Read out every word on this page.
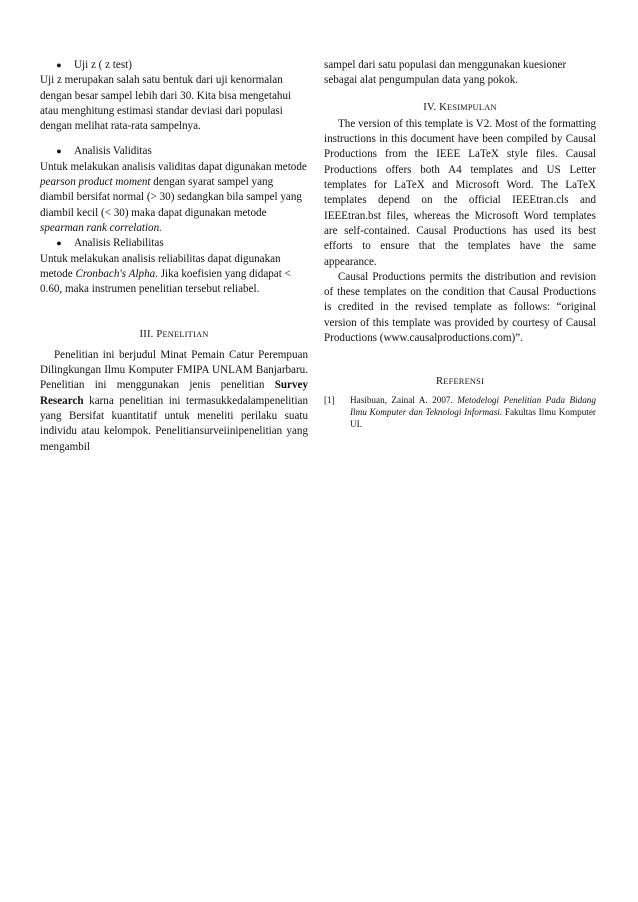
● Uji z ( z test)

Uji z merupakan salah satu bentuk dari uji kenormalan dengan besar sampel lebih dari 30. Kita bisa mengetahui atau menghitung estimasi standar deviasi dari populasi dengan melihat rata-rata sampelnya.

● Analisis Validitas

Untuk melakukan analisis validitas dapat digunakan metode pearson product moment dengan syarat sampel yang diambil bersifat normal (> 30) sedangkan bila sampel yang diambil kecil (< 30) maka dapat digunakan metode spearman rank correlation.

● Analisis Reliabilitas

Untuk melakukan analisis reliabilitas dapat digunakan metode Cronbach's Alpha. Jika koefisien yang didapat < 0.60, maka instrumen penelitian tersebut reliabel.

III. PENELITIAN

Penelitian ini berjudul Minat Pemain Catur Perempuan Dilingkungan Ilmu Komputer FMIPA UNLAM Banjarbaru. Penelitian ini menggunakan jenis penelitian Survey Research karna penelitian ini termasukkedalampenelitian yang Bersifat kuantitatif untuk meneliti perilaku suatu individu atau kelompok. Penelitiansurveiinipenelitian yang mengambil

sampel dari satu populasi dan menggunakan kuesioner sebagai alat pengumpulan data yang pokok.

IV. KESIMPULAN

The version of this template is V2. Most of the formatting instructions in this document have been compiled by Causal Productions from the IEEE LaTeX style files. Causal Productions offers both A4 templates and US Letter templates for LaTeX and Microsoft Word. The LaTeX templates depend on the official IEEEtran.cls and IEEEtran.bst files, whereas the Microsoft Word templates are self-contained. Causal Productions has used its best efforts to ensure that the templates have the same appearance.

Causal Productions permits the distribution and revision of these templates on the condition that Causal Productions is credited in the revised template as follows: “original version of this template was provided by courtesy of Causal Productions (www.causalproductions.com)”.

REFERENSI
[1]	Hasibuan, Zainal A. 2007. Metodelogi Penelitian Pada Bidang Ilmu Komputer dan Teknologi Informasi. Fakultas Ilmu Komputer UI.
